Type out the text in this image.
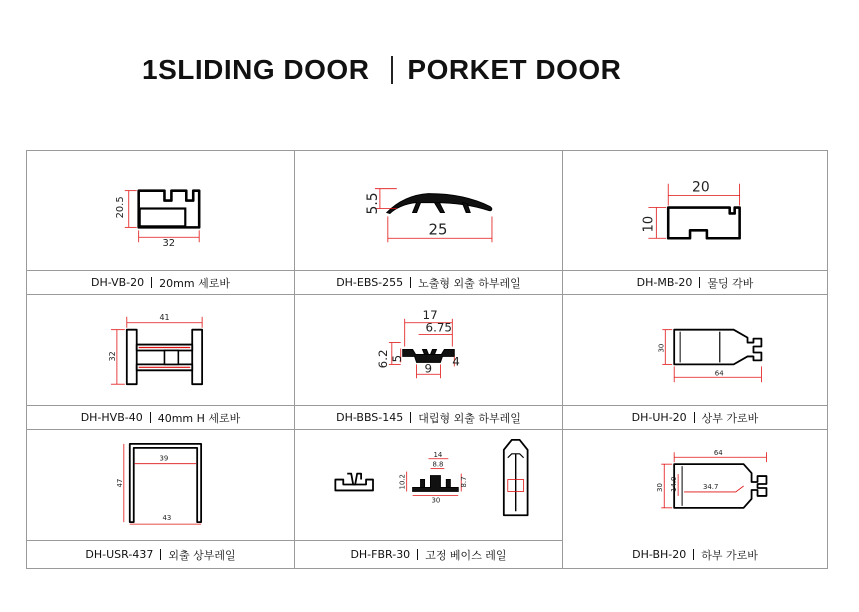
1SLIDING DOOR PORKET DOOR
20.5
32
5.5
25
20
10
DH-VB-20 20mm 세로바	DH-EBS-255 노출형 외출 하부레일	DH-MB-20 물딩 각바
41
32
17
6.75
6.2 5
9 4
30
64
DH-HVB-40 40mm H 세로바	DH-BBS-145 대립형 외출 하부레일	DH-UH-20 상부 가로바
47
39
43
14
8.8
10.2	8.7
30
64
30 14.9	34.7
DH-USR-437 외출 상부레일	DH-FBR-30 고정 베이스 레일	DH-BH-20 하부 가로바
